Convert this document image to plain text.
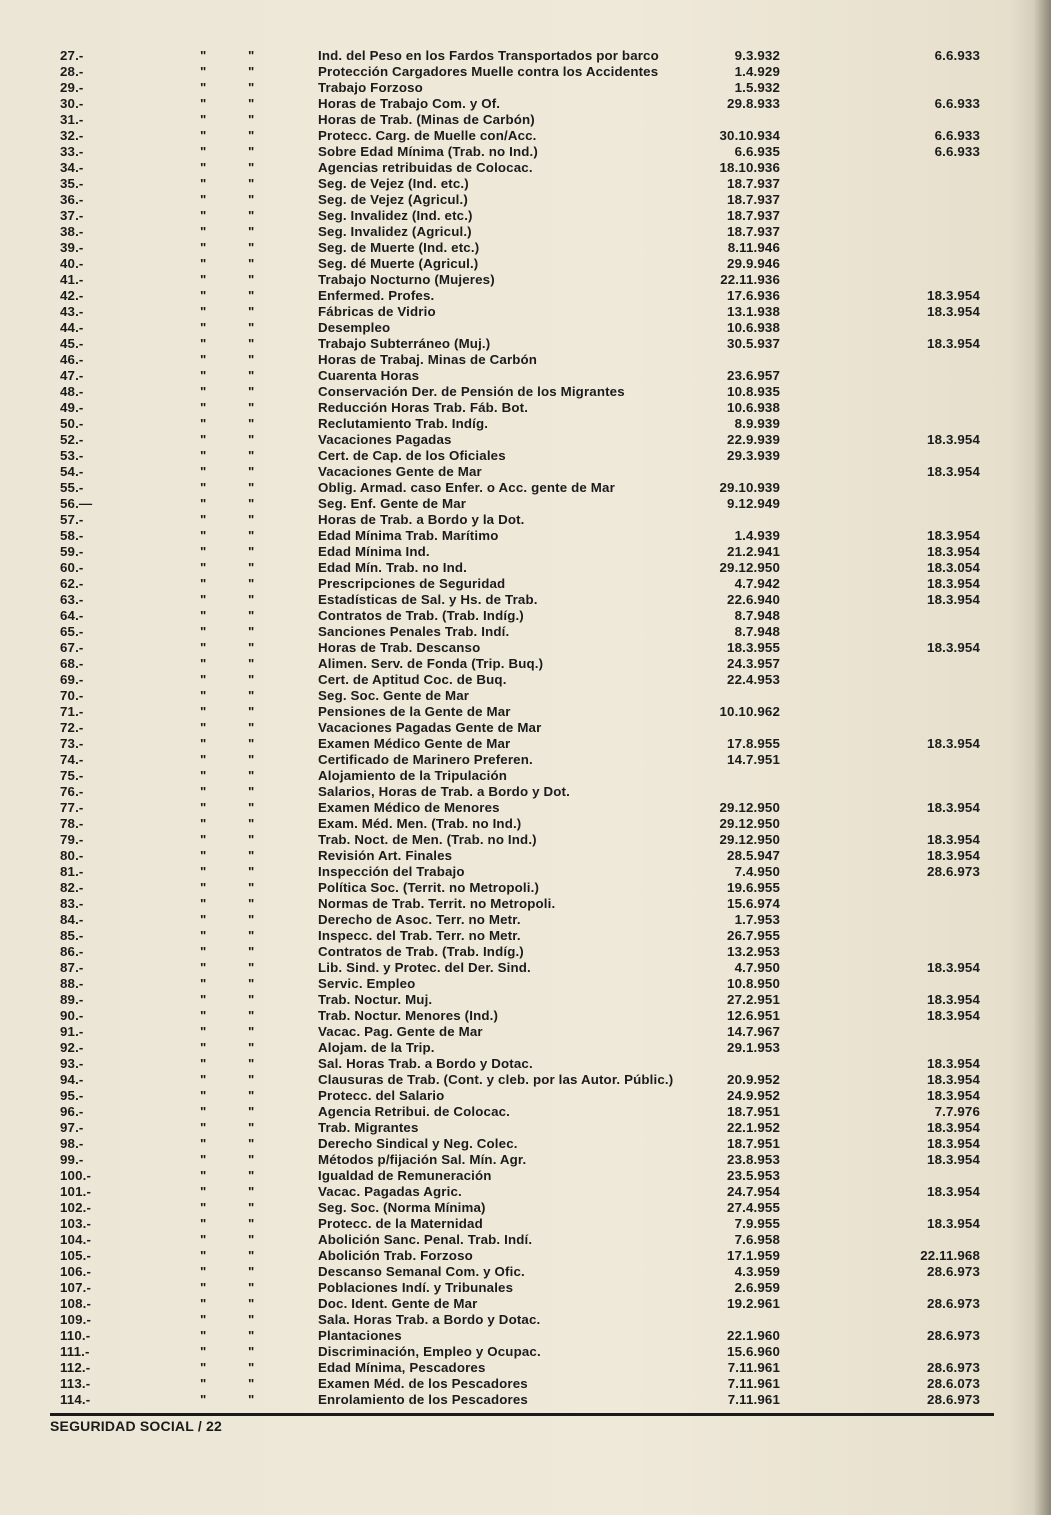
27.-	"	"	Ind. del Peso en los Fardos Transportados por barco	9.3.932	6.6.933
28.-	"	"	Protección Cargadores Muelle contra los Accidentes	1.4.929	
29.-	"	"	Trabajo Forzoso	1.5.932	
30.-	"	"	Horas de Trabajo Com. y Of.	29.8.933	6.6.933
31.-	"	"	Horas de Trab. (Minas de Carbón)		
32.-	"	"	Protecc. Carg. de Muelle con/Acc.	30.10.934	6.6.933
33.-	"	"	Sobre Edad Mínima (Trab. no Ind.)	6.6.935	6.6.933
34.-	"	"	Agencias retribuidas de Colocac.	18.10.936	
35.-	"	"	Seg. de Vejez (Ind. etc.)	18.7.937	
36.-	"	"	Seg. de Vejez (Agricul.)	18.7.937	
37.-	"	"	Seg. Invalidez (Ind. etc.)	18.7.937	
38.-	"	"	Seg. Invalidez (Agricul.)	18.7.937	
39.-	"	"	Seg. de Muerte (Ind. etc.)	8.11.946	
40.-	"	"	Seg. dé Muerte (Agricul.)	29.9.946	
41.-	"	"	Trabajo Nocturno (Mujeres)	22.11.936	
42.-	"	"	Enfermed. Profes.	17.6.936	18.3.954
43.-	"	"	Fábricas de Vidrio	13.1.938	18.3.954
44.-	"	"	Desempleo	10.6.938	
45.-	"	"	Trabajo Subterráneo (Muj.)	30.5.937	18.3.954
46.-	"	"	Horas de Trabaj. Minas de Carbón		
47.-	"	"	Cuarenta Horas	23.6.957	
48.-	"	"	Conservación Der. de Pensión de los Migrantes	10.8.935	
49.-	"	"	Reducción Horas Trab. Fáb. Bot.	10.6.938	
50.-	"	"	Reclutamiento Trab. Indíg.	8.9.939	
52.-	"	"	Vacaciones Pagadas	22.9.939	18.3.954
53.-	"	"	Cert. de Cap. de los Oficiales	29.3.939	
54.-	"	"	Vacaciones Gente de Mar		18.3.954
55.-	"	"	Oblig. Armad. caso Enfer. o Acc. gente de Mar	29.10.939	
56.—	"	"	Seg. Enf. Gente de Mar	9.12.949	
57.-	"	"	Horas de Trab. a Bordo y la Dot.		
58.-	"	"	Edad Mínima Trab. Marítimo	1.4.939	18.3.954
59.-	"	"	Edad Mínima Ind.	21.2.941	18.3.954
60.-	"	"	Edad Mín. Trab. no Ind.	29.12.950	18.3.054
62.-	"	"	Prescripciones de Seguridad	4.7.942	18.3.954
63.-	"	"	Estadísticas de Sal. y Hs. de Trab.	22.6.940	18.3.954
64.-	"	"	Contratos de Trab. (Trab. Indíg.)	8.7.948	
65.-	"	"	Sanciones Penales Trab. Indí.	8.7.948	
67.-	"	"	Horas de Trab. Descanso	18.3.955	18.3.954
68.-	"	"	Alimen. Serv. de Fonda (Trip. Buq.)	24.3.957	
69.-	"	"	Cert. de Aptitud Coc. de Buq.	22.4.953	
70.-	"	"	Seg. Soc. Gente de Mar		
71.-	"	"	Pensiones de la Gente de Mar	10.10.962	
72.-	"	"	Vacaciones Pagadas Gente de Mar		
73.-	"	"	Examen Médico Gente de Mar	17.8.955	18.3.954
74.-	"	"	Certificado de Marinero Preferen.	14.7.951	
75.-	"	"	Alojamiento de la Tripulación		
76.-	"	"	Salarios, Horas de Trab. a Bordo y Dot.		
77.-	"	"	Examen Médico de Menores	29.12.950	18.3.954
78.-	"	"	Exam. Méd. Men. (Trab. no Ind.)	29.12.950	
79.-	"	"	Trab. Noct. de Men. (Trab. no Ind.)	29.12.950	18.3.954
80.-	"	"	Revisión Art. Finales	28.5.947	18.3.954
81.-	"	"	Inspección del Trabajo	7.4.950	28.6.973
82.-	"	"	Política Soc. (Territ. no Metropoli.)	19.6.955	
83.-	"	"	Normas de Trab. Territ. no Metropoli.	15.6.974	
84.-	"	"	Derecho de Asoc. Terr. no Metr.	1.7.953	
85.-	"	"	Inspecc. del Trab. Terr. no Metr.	26.7.955	
86.-	"	"	Contratos de Trab. (Trab. Indíg.)	13.2.953	
87.-	"	"	Lib. Sind. y Protec. del Der. Sind.	4.7.950	18.3.954
88.-	"	"	Servic. Empleo	10.8.950	
89.-	"	"	Trab. Noctur. Muj.	27.2.951	18.3.954
90.-	"	"	Trab. Noctur. Menores (Ind.)	12.6.951	18.3.954
91.-	"	"	Vacac. Pag. Gente de Mar	14.7.967	
92.-	"	"	Alojam. de la Trip.	29.1.953	
93.-	"	"	Sal. Horas Trab. a Bordo y Dotac.		18.3.954
94.-	"	"	Clausuras de Trab. (Cont. y cleb. por las Autor. Públic.)	20.9.952	18.3.954
95.-	"	"	Protecc. del Salario	24.9.952	18.3.954
96.-	"	"	Agencia Retribui. de Colocac.	18.7.951	7.7.976
97.-	"	"	Trab. Migrantes	22.1.952	18.3.954
98.-	"	"	Derecho Sindical y Neg. Colec.	18.7.951	18.3.954
99.-	"	"	Métodos p/fijación Sal. Mín. Agr.	23.8.953	18.3.954
100.-	"	"	Igualdad de Remuneración	23.5.953	
101.-	"	"	Vacac. Pagadas Agric.	24.7.954	18.3.954
102.-	"	"	Seg. Soc. (Norma Mínima)	27.4.955	
103.-	"	"	Protecc. de la Maternidad	7.9.955	18.3.954
104.-	"	"	Abolición Sanc. Penal. Trab. Indí.	7.6.958	
105.-	"	"	Abolición Trab. Forzoso	17.1.959	22.11.968
106.-	"	"	Descanso Semanal Com. y Ofic.	4.3.959	28.6.973
107.-	"	"	Poblaciones Indí. y Tribunales	2.6.959	
108.-	"	"	Doc. Ident. Gente de Mar	19.2.961	28.6.973
109.-	"	"	Sala. Horas Trab. a Bordo y Dotac.		
110.-	"	"	Plantaciones	22.1.960	28.6.973
111.-	"	"	Discriminación, Empleo y Ocupac.	15.6.960	
112.-	"	"	Edad Mínima, Pescadores	7.11.961	28.6.973
113.-	"	"	Examen Méd. de los Pescadores	7.11.961	28.6.073
114.-	"	"	Enrolamiento de los Pescadores	7.11.961	28.6.973
SEGURIDAD SOCIAL / 22
